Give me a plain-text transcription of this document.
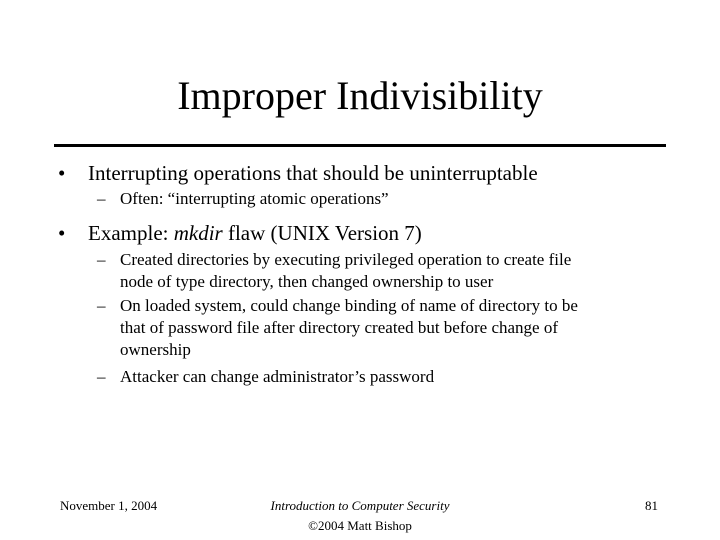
Improper Indivisibility
• Interrupting operations that should be uninterruptable
– Often: “interrupting atomic operations”
• Example: mkdir flaw (UNIX Version 7)
– Created directories by executing privileged operation to create file
node of type directory, then changed ownership to user
– On loaded system, could change binding of name of directory to be
that of password file after directory created but before change of
ownership
– Attacker can change administrator’s password
November 1, 2004	Introduction to Computer Security
©2004 Matt Bishop
81
